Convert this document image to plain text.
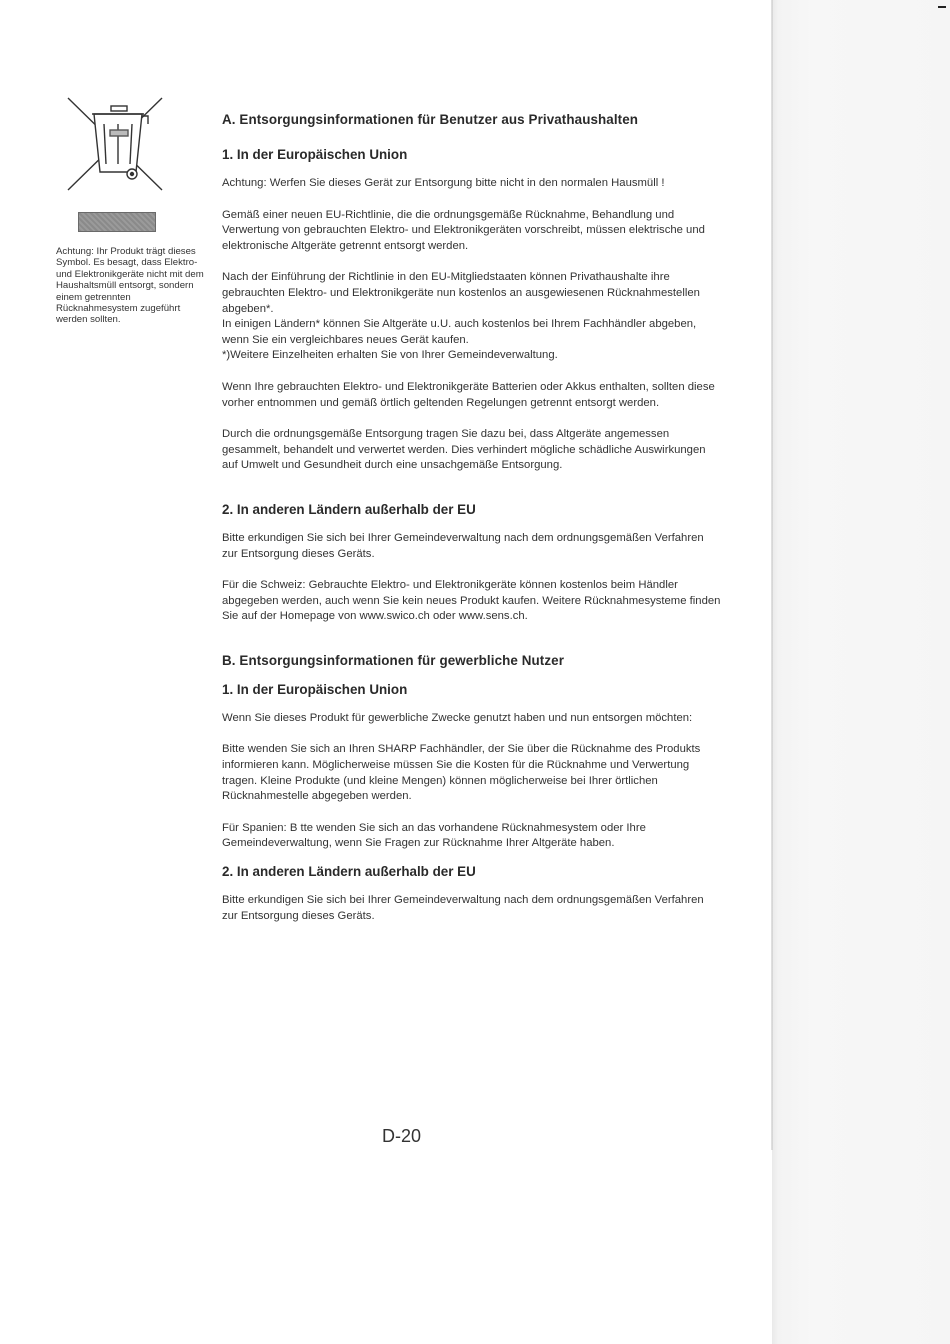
Achtung: Ihr Produkt trägt dieses Symbol. Es besagt, dass Elektro- und Elektronikgeräte nicht mit dem Haushaltsmüll entsorgt, sondern einem getrennten Rücknahmesystem zugeführt werden sollten.
A. Entsorgungsinformationen für Benutzer aus Privathaushalten
1. In der Europäischen Union

Achtung: Werfen Sie dieses Gerät zur Entsorgung bitte nicht in den normalen Hausmüll !

Gemäß einer neuen EU-Richtlinie, die die ordnungsgemäße Rücknahme, Behandlung und Verwertung von gebrauchten Elektro- und Elektronikgeräten vorschreibt, müssen elektrische und elektronische Altgeräte getrennt entsorgt werden.

Nach der Einführung der Richtlinie in den EU-Mitgliedstaaten können Privathaushalte ihre gebrauchten Elektro- und Elektronikgeräte nun kostenlos an ausgewiesenen Rücknahmestellen abgeben*.

In einigen Ländern* können Sie Altgeräte u.U. auch kostenlos bei Ihrem Fachhändler abgeben, wenn Sie ein vergleichbares neues Gerät kaufen.

*)Weitere Einzelheiten erhalten Sie von Ihrer Gemeindeverwaltung.

Wenn Ihre gebrauchten Elektro- und Elektronikgeräte Batterien oder Akkus enthalten, sollten diese vorher entnommen und gemäß örtlich geltenden Regelungen getrennt entsorgt werden.

Durch die ordnungsgemäße Entsorgung tragen Sie dazu bei, dass Altgeräte angemessen gesammelt, behandelt und verwertet werden. Dies verhindert mögliche schädliche Auswirkungen auf Umwelt und Gesundheit durch eine unsachgemäße Entsorgung.

2. In anderen Ländern außerhalb der EU

Bitte erkundigen Sie sich bei Ihrer Gemeindeverwaltung nach dem ordnungsgemäßen Verfahren zur Entsorgung dieses Geräts.

Für die Schweiz: Gebrauchte Elektro- und Elektronikgeräte können kostenlos beim Händler abgegeben werden, auch wenn Sie kein neues Produkt kaufen. Weitere Rücknahmesysteme finden Sie auf der Homepage von www.swico.ch oder www.sens.ch.

B. Entsorgungsinformationen für gewerbliche Nutzer
1. In der Europäischen Union

Wenn Sie dieses Produkt für gewerbliche Zwecke genutzt haben und nun entsorgen möchten:

Bitte wenden Sie sich an Ihren SHARP Fachhändler, der Sie über die Rücknahme des Produkts informieren kann. Möglicherweise müssen Sie die Kosten für die Rücknahme und Verwertung tragen. Kleine Produkte (und kleine Mengen) können möglicherweise bei Ihrer örtlichen Rücknahmestelle abgegeben werden.

Für Spanien: B tte wenden Sie sich an das vorhandene Rücknahmesystem oder Ihre Gemeindeverwaltung, wenn Sie Fragen zur Rücknahme Ihrer Altgeräte haben.

2. In anderen Ländern außerhalb der EU

Bitte erkundigen Sie sich bei Ihrer Gemeindeverwaltung nach dem ordnungsgemäßen Verfahren zur Entsorgung dieses Geräts.

D-20
